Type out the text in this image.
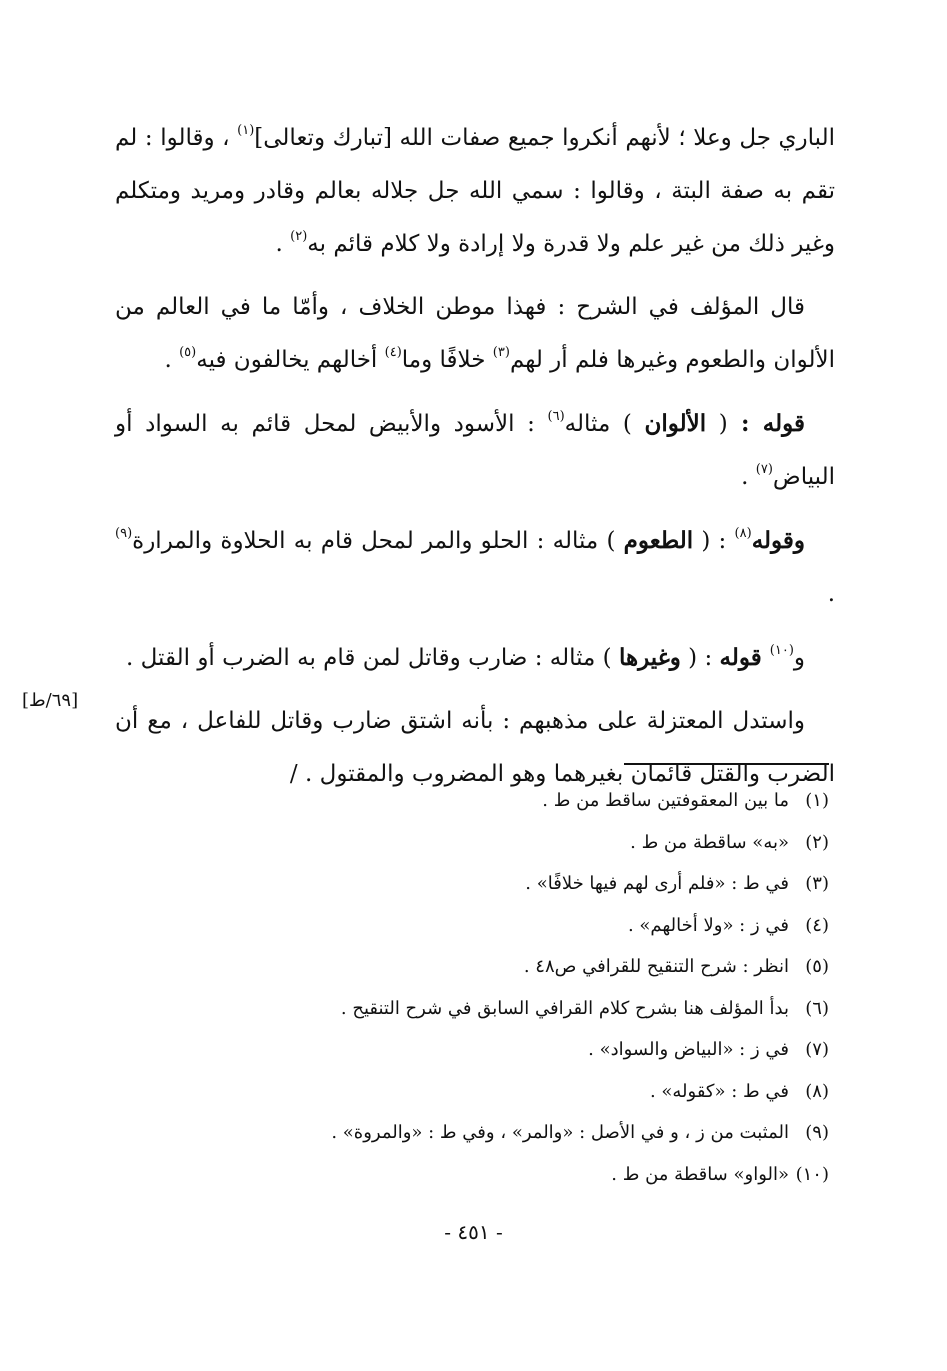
الباري جل وعلا ؛ لأنهم أنكروا جميع صفات الله [تبارك وتعالى]$^{(١)}$ ، وقالوا : لم تقم به صفة البتة ، وقالوا : سمي الله جل جلاله بعالم وقادر ومريد ومتكلم وغير ذلك من غير علم ولا قدرة ولا إرادة ولا كلام قائم به$^{(٢)}$ .

قال المؤلف في الشرح : فهذا موطن الخلاف ، وأمّا ما في العالم من الألوان والطعوم وغيرها فلم أر لهم$^{(٣)}$ خلافًا وما$^{(٤)}$ أخالهم يخالفون فيه$^{(٥)}$ .

قوله : ( الألوان ) مثاله$^{(٦)}$ : الأسود والأبيض لمحل قائم به السواد أو البياض$^{(٧)}$ .

وقوله$^{(٨)}$ : ( الطعوم ) مثاله : الحلو والمر لمحل قام به الحلاوة والمرارة$^{(٩)}$ .

و$^{(١٠)}$ قوله : ( وغيرها ) مثاله : ضارب وقاتل لمن قام به الضرب أو القتل .

واستدل المعتزلة على مذهبهم : بأنه اشتق ضارب وقاتل للفاعل ، مع أن الضرب والقتل قائمان بغيرهما وهو المضروب والمقتول . /

[٦٩/ط]
(١)ما بين المعقوفتين ساقط من ط .
(٢)«به» ساقطة من ط .
(٣)في ط : «فلم أرى لهم فيها خلافًا» .
(٤)في ز : «ولا أخالهم» .
(٥)انظر : شرح التنقيح للقرافي ص٤٨ .
(٦)بدأ المؤلف هنا بشرح كلام القرافي السابق في شرح التنقيح .
(٧)في ز : «البياض والسواد» .
(٨)في ط : «كقوله» .
(٩)المثبت من ز ، و في الأصل : «والمر» ، وفي ط : «والمروة» .
(١٠)«الواو» ساقطة من ط .
- ٤٥١ -
